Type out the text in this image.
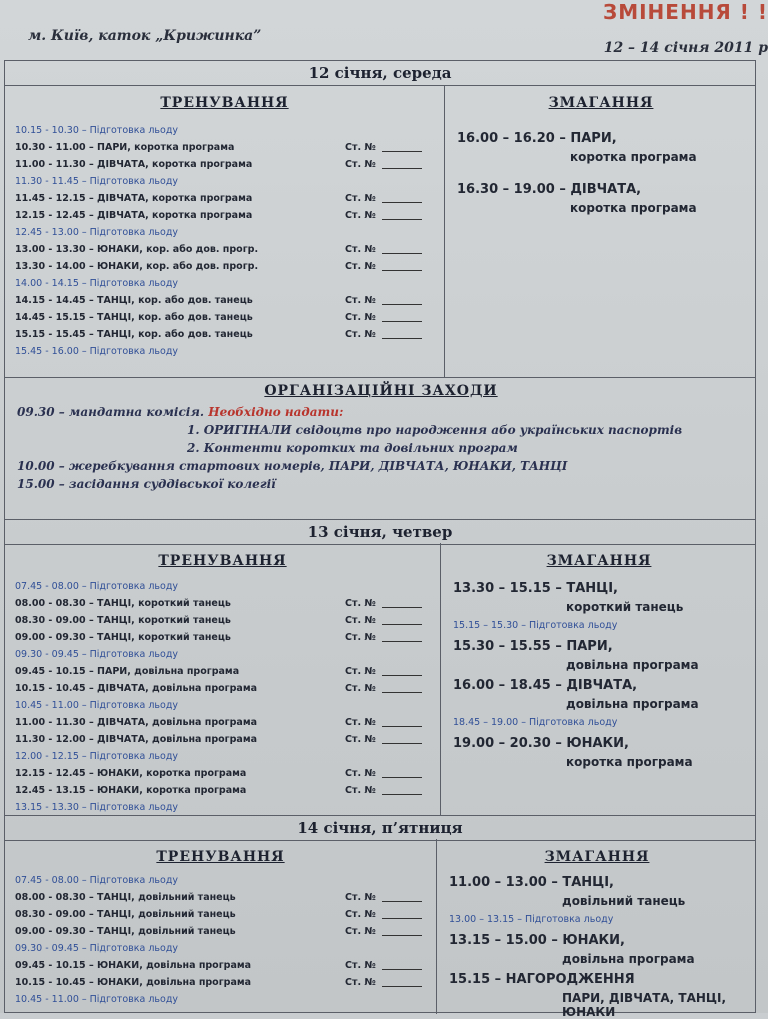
ЗМІНЕННЯ ! !
м. Київ, каток „Крижинка”
12 – 14 січня 2011 р
12 січня, середа
ТРЕНУВАННЯ
10.15 - 10.30 – Підготовка льоду
10.30 - 11.00 – ПАРИ, коротка програма	Ст. №
11.00 - 11.30 – ДІВЧАТА, коротка програма	Ст. №
11.30 - 11.45 – Підготовка льоду
11.45 - 12.15 – ДІВЧАТА, коротка програма	Ст. №
12.15 - 12.45 – ДІВЧАТА, коротка програма	Ст. №
12.45 - 13.00 – Підготовка льоду
13.00 - 13.30 – ЮНАКИ, кор. або дов. прогр.	Ст. №
13.30 - 14.00 – ЮНАКИ, кор. або дов. прогр.	Ст. №
14.00 - 14.15 – Підготовка льоду
14.15 - 14.45 – ТАНЦІ, кор. або дов. танець	Ст. №
14.45 - 15.15 – ТАНЦІ, кор. або дов. танець	Ст. №
15.15 - 15.45 – ТАНЦІ, кор. або дов. танець	Ст. №
15.45 - 16.00 – Підготовка льоду
ЗМАГАННЯ
16.00 – 16.20 – ПАРИ,
коротка програма
16.30 – 19.00 – ДІВЧАТА,
коротка програма
ОРГАНІЗАЦІЙНІ ЗАХОДИ
09.30 – мандатна комісія. Необхідно надати:
1. ОРИГІНАЛИ свідоцтв про народження або українських паспортів
2. Контенти коротких та довільних програм
10.00 – жеребкування стартових номерів, ПАРИ, ДІВЧАТА, ЮНАКИ, ТАНЦІ
15.00 – засідання суддівської колегії
13 січня, четвер
ТРЕНУВАННЯ
07.45 - 08.00 – Підготовка льоду
08.00 - 08.30 – ТАНЦІ, короткий танець	Ст. №
08.30 - 09.00 – ТАНЦІ, короткий танець	Ст. №
09.00 - 09.30 – ТАНЦІ, короткий танець	Ст. №
09.30 - 09.45 – Підготовка льоду
09.45 - 10.15 – ПАРИ, довільна програма	Ст. №
10.15 - 10.45 – ДІВЧАТА, довільна програма	Ст. №
10.45 - 11.00 – Підготовка льоду
11.00 - 11.30 – ДІВЧАТА, довільна програма	Ст. №
11.30 - 12.00 – ДІВЧАТА, довільна програма	Ст. №
12.00 - 12.15 – Підготовка льоду
12.15 - 12.45 – ЮНАКИ, коротка програма	Ст. №
12.45 - 13.15 – ЮНАКИ, коротка програма	Ст. №
13.15 - 13.30 – Підготовка льоду
ЗМАГАННЯ
13.30 – 15.15 – ТАНЦІ,
короткий танець
15.15 – 15.30 – Підготовка льоду
15.30 – 15.55 – ПАРИ,
довільна програма
16.00 – 18.45 – ДІВЧАТА,
довільна програма
18.45 – 19.00 – Підготовка льоду
19.00 – 20.30 – ЮНАКИ,
коротка програма
14 січня, п’ятниця
ТРЕНУВАННЯ
07.45 - 08.00 – Підготовка льоду
08.00 - 08.30 – ТАНЦІ, довільний танець	Ст. №
08.30 - 09.00 – ТАНЦІ, довільний танець	Ст. №
09.00 - 09.30 – ТАНЦІ, довільний танець	Ст. №
09.30 - 09.45 – Підготовка льоду
09.45 - 10.15 – ЮНАКИ, довільна програма	Ст. №
10.15 - 10.45 – ЮНАКИ, довільна програма	Ст. №
10.45 - 11.00 – Підготовка льоду
ЗМАГАННЯ
11.00 – 13.00 – ТАНЦІ,
довільний танець
13.00 – 13.15 – Підготовка льоду
13.15 – 15.00 – ЮНАКИ,
довільна програма
15.15 – НАГОРОДЖЕННЯ
ПАРИ, ДІВЧАТА, ТАНЦІ, ЮНАКИ
